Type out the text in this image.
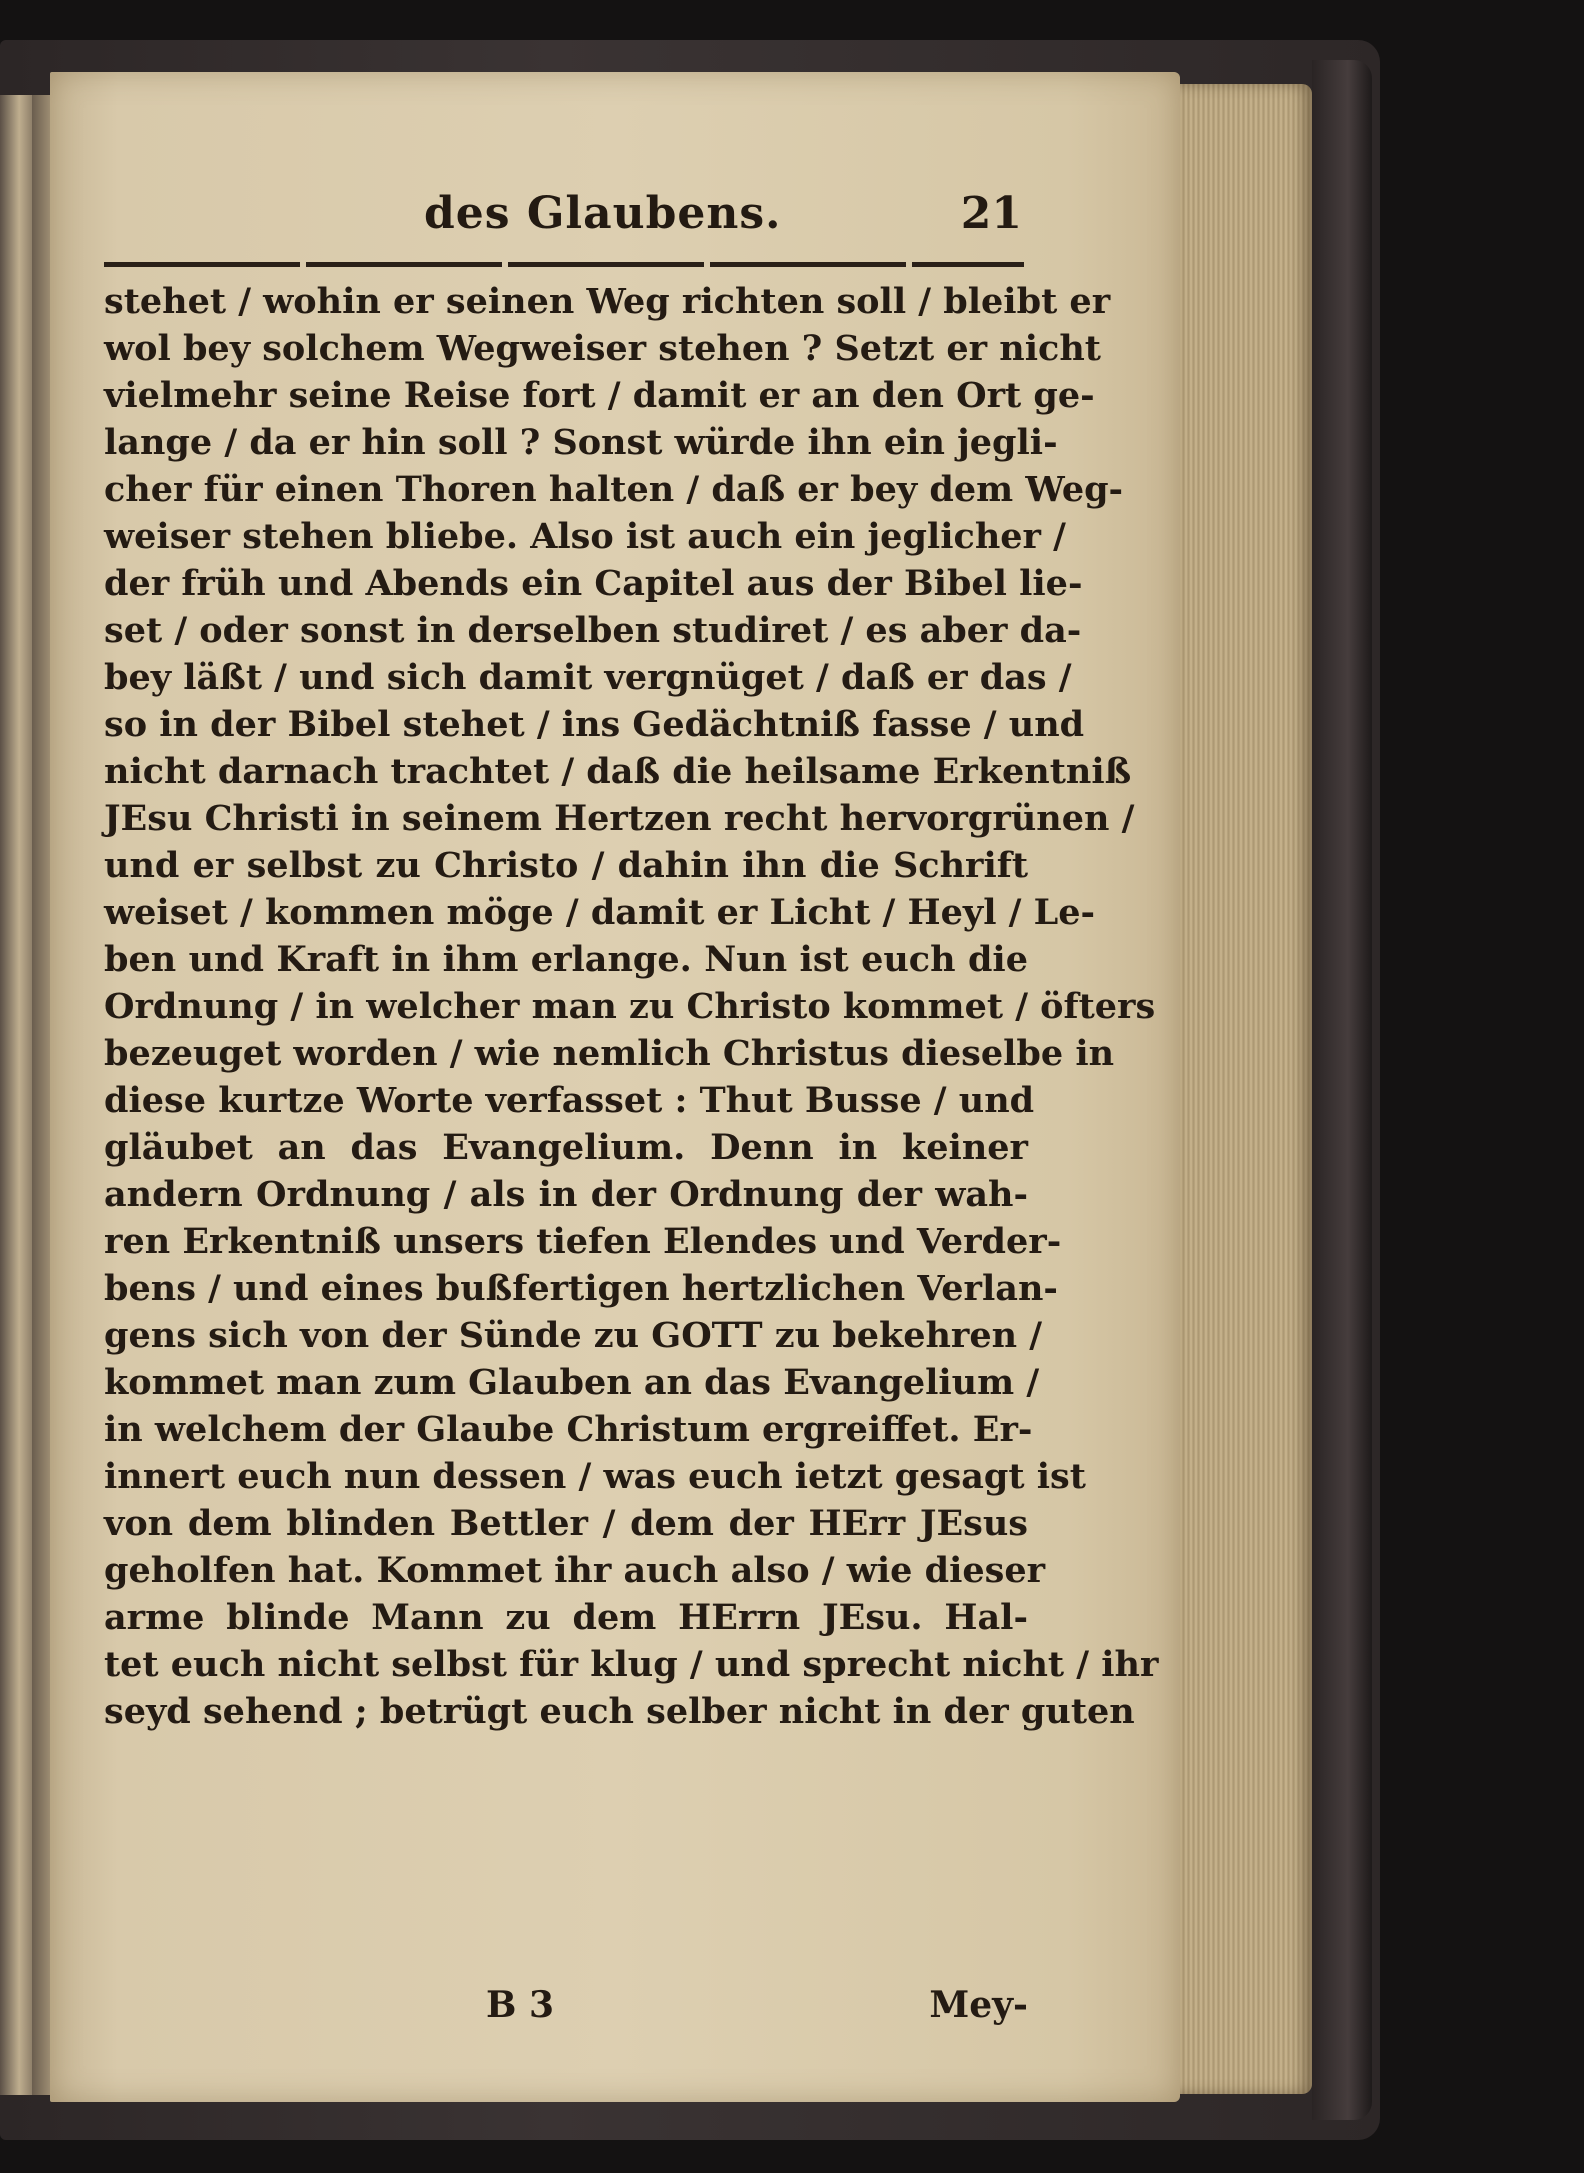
des Glaubens.	21
stehet / wohin er seinen Weg richten soll / bleibt er
wol bey solchem Wegweiser stehen ? Setzt er nicht
vielmehr seine Reise fort / damit er an den Ort ge-
lange / da er hin soll ? Sonst würde ihn ein jegli-
cher für einen Thoren halten / daß er bey dem Weg-
weiser stehen bliebe. Also ist auch ein jeglicher /
der früh und Abends ein Capitel aus der Bibel lie-
set / oder sonst in derselben studiret / es aber da-
bey läßt / und sich damit vergnüget / daß er das /
so in der Bibel stehet / ins Gedächtniß fasse / und
nicht darnach trachtet / daß die heilsame Erkentniß
JEsu Christi in seinem Hertzen recht hervorgrünen /
und er selbst zu Christo / dahin ihn die Schrift
weiset / kommen möge / damit er Licht / Heyl / Le-
ben und Kraft in ihm erlange. Nun ist euch die
Ordnung / in welcher man zu Christo kommet / öfters
bezeuget worden / wie nemlich Christus dieselbe in
diese kurtze Worte verfasset : Thut Busse / und
gläubet an das Evangelium. Denn in keiner
andern Ordnung / als in der Ordnung der wah-
ren Erkentniß unsers tiefen Elendes und Verder-
bens / und eines bußfertigen hertzlichen Verlan-
gens sich von der Sünde zu GOTT zu bekehren /
kommet man zum Glauben an das Evangelium /
in welchem der Glaube Christum ergreiffet. Er-
innert euch nun dessen / was euch ietzt gesagt ist
von dem blinden Bettler / dem der HErr JEsus
geholfen hat. Kommet ihr auch also / wie dieser
arme blinde Mann zu dem HErrn JEsu. Hal-
tet euch nicht selbst für klug / und sprecht nicht / ihr
seyd sehend ; betrügt euch selber nicht in der guten
B 3	Mey-
